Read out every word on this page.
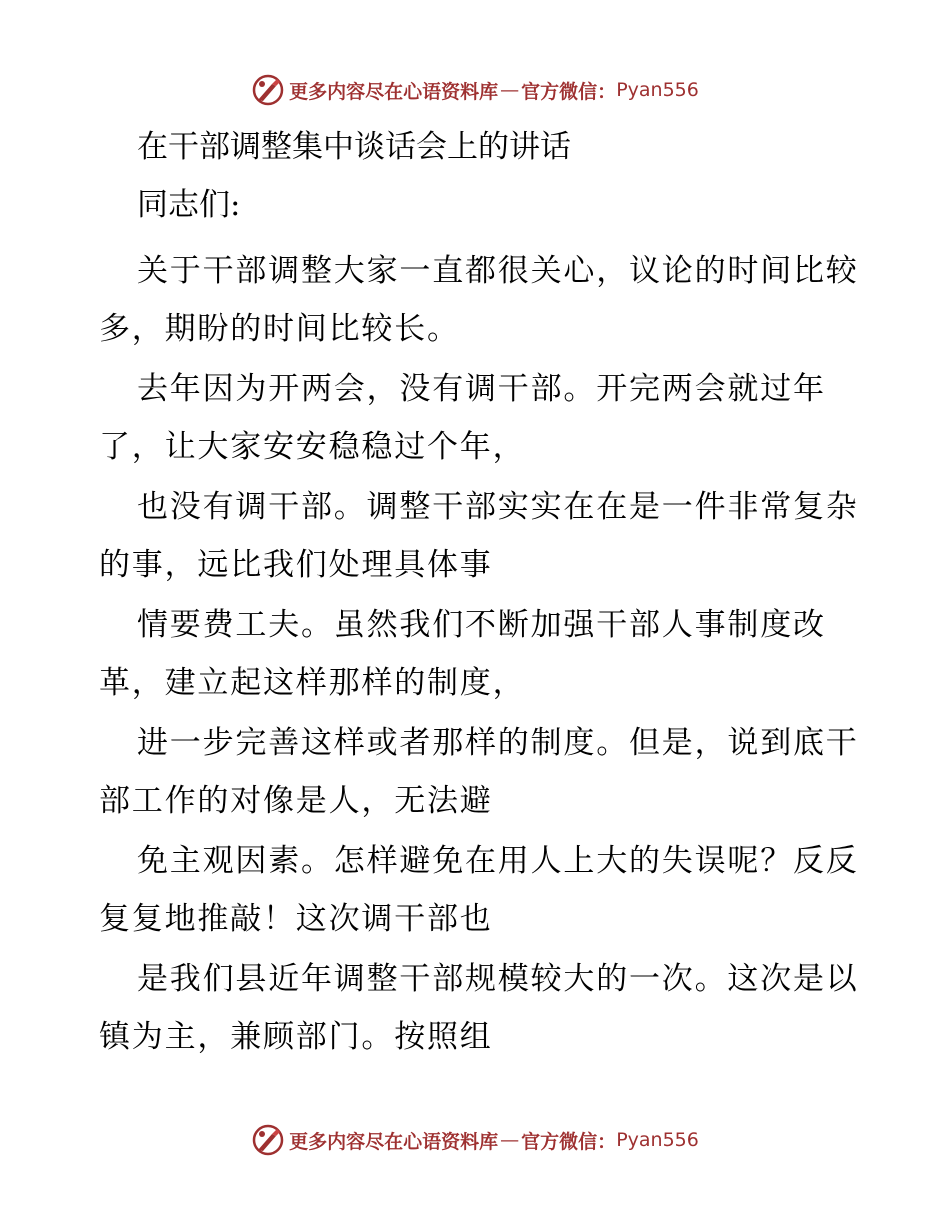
更多内容尽在心语资料库 — 官方微信： Pyan556
在干部调整集中谈话会上的讲话

同志们:

关于干部调整大家一直都很关心，议论的时间比较多，期盼的时间比较长。

去年因为开两会，没有调干部。开完两会就过年了，让大家安安稳稳过个年，

也没有调干部。调整干部实实在在是一件非常复杂的事，远比我们处理具体事

情要费工夫。虽然我们不断加强干部人事制度改革，建立起这样那样的制度，

进一步完善这样或者那样的制度。但是，说到底干部工作的对像是人，无法避

免主观因素。怎样避免在用人上大的失误呢？反反复复地推敲！这次调干部也

是我们县近年调整干部规模较大的一次。这次是以镇为主，兼顾部门。按照组

更多内容尽在心语资料库 — 官方微信： Pyan556
